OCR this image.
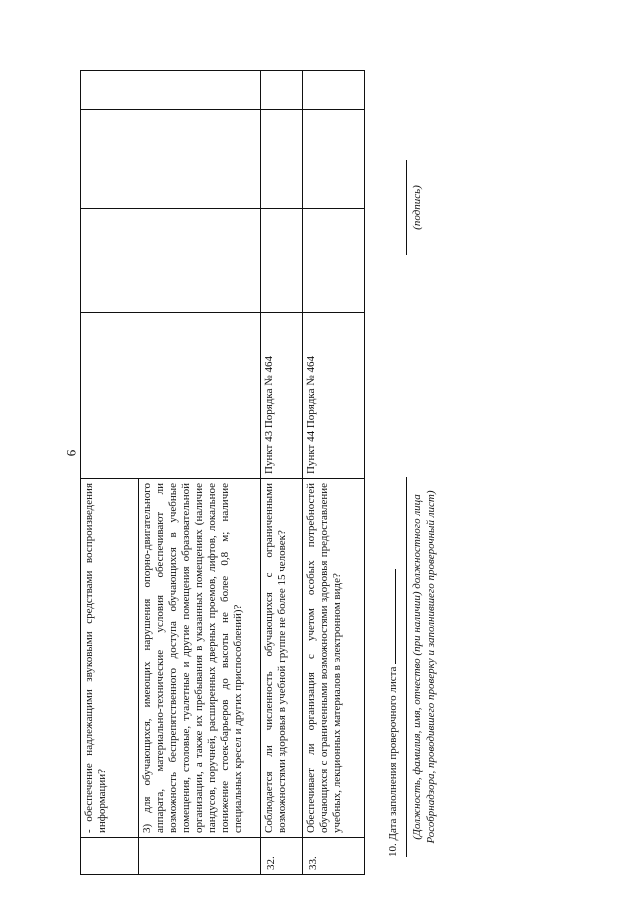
9
	- обеспечение надлежащими звуковыми средствами воспроизведения информации?				

	3) для обучающихся, имеющих нарушения опорно-двигательного аппарата, материально-технические условия обеспечивают ли возможность беспрепятственного доступа обучающихся в учебные помещения, столовые, туалетные и другие помещения образовательной организации, а также их пребывания в указанных помещениях (наличие пандусов, поручней, расширенных дверных проемов, лифтов, локальное понижение стоек-барьеров до высоты не более 0,8 м; наличие специальных кресел и других приспособлений)?				

32.	Соблюдается ли численность обучающихся с ограниченными возможностями здоровья в учебной группе не более 15 человек?	Пункт 43 Порядка № 464			

33.	Обеспечивает ли организация с учетом особых потребностей обучающихся с ограниченными возможностями здоровья предоставление учебных, лекционных материалов в электронном виде?	Пункт 44 Порядка № 464			
10. Дата заполнения проверочного листа (Должность, фамилия, имя, отчество (при наличии) должностного лица Рособрнадзора, проводившего проверку и заполнившего проверочный лист)
(подпись)
